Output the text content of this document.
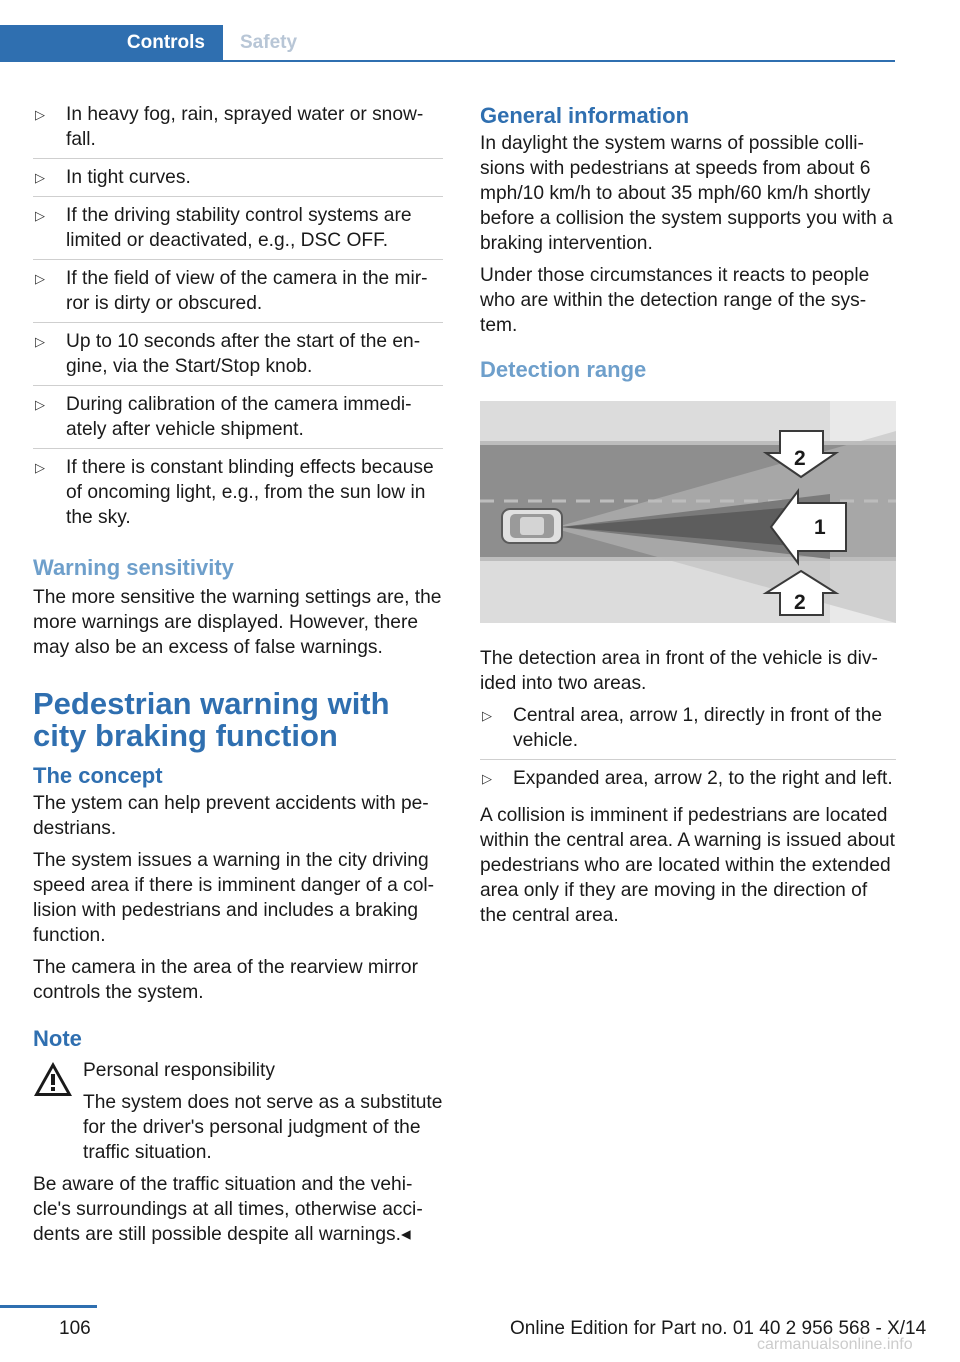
Controls	Safety
▷ In heavy fog, rain, sprayed water or snowfall.
▷ In tight curves.
▷ If the driving stability control systems are limited or deactivated, e.g., DSC OFF.
▷ If the field of view of the camera in the mirror is dirty or obscured.
▷ Up to 10 seconds after the start of the engine, via the Start/Stop knob.
▷ During calibration of the camera immediately after vehicle shipment.
▷ If there is constant blinding effects because of oncoming light, e.g., from the sun low in the sky.
Warning sensitivity

The more sensitive the warning settings are, the more warnings are displayed. However, there may also be an excess of false warnings.

Pedestrian warning with city braking function
The concept

The ystem can help prevent accidents with pedestrians.

The system issues a warning in the city driving speed area if there is imminent danger of a collision with pedestrians and includes a braking function.

The camera in the area of the rearview mirror controls the system.

Note

Personal responsibility

The system does not serve as a substitute for the driver's personal judgment of the traffic situation.

Be aware of the traffic situation and the vehicle's surroundings at all times, otherwise accidents are still possible despite all warnings.◂

General information

In daylight the system warns of possible collisions with pedestrians at speeds from about 6 mph/10 km/h to about 35 mph/60 km/h shortly before a collision the system supports you with a braking intervention.

Under those circumstances it reacts to people who are within the detection range of the system.

Detection range
2
1
2

The detection area in front of the vehicle is divided into two areas.

▷ Central area, arrow 1, directly in front of the vehicle.
▷ Expanded area, arrow 2, to the right and left.

A collision is imminent if pedestrians are located within the central area. A warning is issued about pedestrians who are located within the extended area only if they are moving in the direction of the central area.

106	Online Edition for Part no. 01 40 2 956 568 - X/14
carmanualsonline.info
